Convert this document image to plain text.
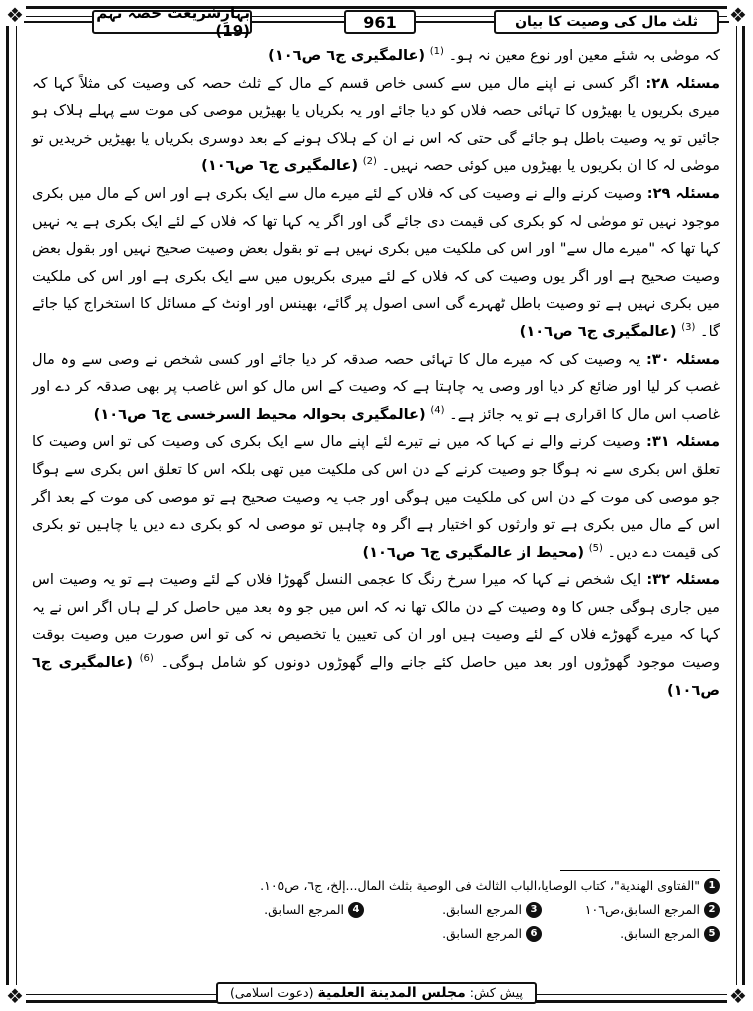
❖	❖
❖	❖
بہارِشریعت حصہ نہم (19)	961	ثلث مال کی وصیت کا بیان

کہ موصٰی بہ شئے معین اور نوع معین نہ ہو۔ $^{(1)}$ (عالمگیری ج٦ ص١٠٦)

مسئلہ ٢٨: اگر کسی نے اپنے مال میں سے کسی خاص قسم کے مال کے ثلث حصہ کی وصیت کی مثلاً کہا کہ میری بکریوں یا بھیڑوں کا تہائی حصہ فلاں کو دیا جائے اور یہ بکریاں یا بھیڑیں موصی کی موت سے پہلے ہلاک ہو جائیں تو یہ وصیت باطل ہو جائے گی حتی کہ اس نے ان کے ہلاک ہونے کے بعد دوسری بکریاں یا بھیڑیں خریدیں تو موصٰی لہ کا ان بکریوں یا بھیڑوں میں کوئی حصہ نہیں۔ $^{(2)}$ (عالمگیری ج٦ ص١٠٦)

مسئلہ ٢٩: وصیت کرنے والے نے وصیت کی کہ فلاں کے لئے میرے مال سے ایک بکری ہے اور اس کے مال میں بکری موجود نہیں تو موصٰی لہ کو بکری کی قیمت دی جائے گی اور اگر یہ کہا تھا کہ فلاں کے لئے ایک بکری ہے یہ نہیں کہا تھا کہ "میرے مال سے" اور اس کی ملکیت میں بکری نہیں ہے تو بقول بعض وصیت صحیح نہیں اور بقول بعض وصیت صحیح ہے اور اگر یوں وصیت کی کہ فلاں کے لئے میری بکریوں میں سے ایک بکری ہے اور اس کی ملکیت میں بکری نہیں ہے تو وصیت باطل ٹھہرے گی اسی اصول پر گائے، بھینس اور اونٹ کے مسائل کا استخراج کیا جائے گا۔ $^{(3)}$ (عالمگیری ج٦ ص١٠٦)

مسئلہ ٣٠: یہ وصیت کی کہ میرے مال کا تہائی حصہ صدقہ کر دیا جائے اور کسی شخص نے وصی سے وہ مال غصب کر لیا اور ضائع کر دیا اور وصی یہ چاہتا ہے کہ وصیت کے اس مال کو اس غاصب پر بھی صدقہ کر دے اور غاصب اس مال کا اقراری ہے تو یہ جائز ہے۔ $^{(4)}$ (عالمگیری بحوالہ محیط السرخسی ج٦ ص١٠٦)

مسئلہ ٣١: وصیت کرنے والے نے کہا کہ میں نے تیرے لئے اپنے مال سے ایک بکری کی وصیت کی تو اس وصیت کا تعلق اس بکری سے نہ ہوگا جو وصیت کرنے کے دن اس کی ملکیت میں تھی بلکہ اس کا تعلق اس بکری سے ہوگا جو موصی کی موت کے دن اس کی ملکیت میں ہوگی اور جب یہ وصیت صحیح ہے تو موصی کی موت کے بعد اگر اس کے مال میں بکری ہے تو وارثوں کو اختیار ہے اگر وہ چاہیں تو موصی لہ کو بکری دے دیں یا چاہیں تو بکری کی قیمت دے دیں۔ $^{(5)}$ (محیط از عالمگیری ج٦ ص١٠٦)

مسئلہ ٣٢: ایک شخص نے کہا کہ میرا سرخ رنگ کا عجمی النسل گھوڑا فلاں کے لئے وصیت ہے تو یہ وصیت اس میں جاری ہوگی جس کا وہ وصیت کے دن مالک تھا نہ کہ اس میں جو وہ بعد میں حاصل کر لے ہاں اگر اس نے یہ کہا کہ میرے گھوڑے فلاں کے لئے وصیت ہیں اور ان کی تعیین یا تخصیص نہ کی تو اس صورت میں وصیت بوقت وصیت موجود گھوڑوں اور بعد میں حاصل کئے جانے والے گھوڑوں دونوں کو شامل ہوگی۔ $^{(6)}$ (عالمگیری ج٦ ص١٠٦)

1
"الفتاوی الھندیة"، کتاب الوصایا،الباب الثالث فی الوصیة بثلث المال...إلخ، ج٦، ص١٠٥.
2
المرجع السابق،ص١٠٦
3
المرجع السابق.
4
المرجع السابق.
5
المرجع السابق.
6
المرجع السابق.
پیش کش: مجلس المدینة العلمیة (دعوت اسلامی)
